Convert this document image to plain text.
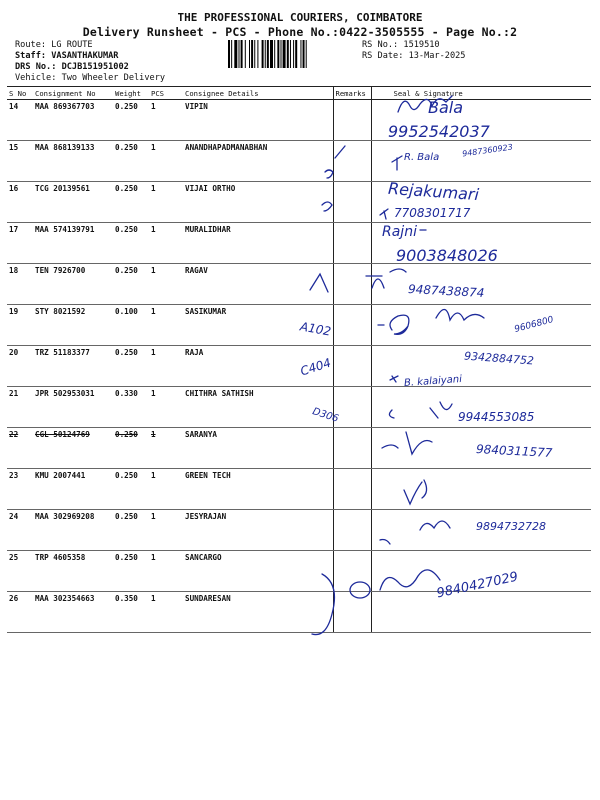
THE PROFESSIONAL COURIERS, COIMBATORE
Delivery Runsheet - PCS - Phone No.:0422-3505555 - Page No.:2
Route: LG ROUTE
Staff: VASANTHAKUMAR
DRS No.: DCJB151951002
Vehicle: Two Wheeler Delivery
RS No.: 1519510
RS Date: 13-Mar-2025
S No	Consignment No	Weight	PCS	Consignee Details	Remarks	Seal & Signature
14	MAA 869367703	0.250	1	VIPIN		
15	MAA 868139133	0.250	1	ANANDHAPADMANABHAN		
16	TCG 20139561	0.250	1	VIJAI ORTHO		
17	MAA 574139791	0.250	1	MURALIDHAR		
18	TEN 7926700	0.250	1	RAGAV		
19	STY 8021592	0.100	1	SASIKUMAR		
20	TRZ 51183377	0.250	1	RAJA		
21	JPR 502953031	0.330	1	CHITHRA SATHISH		
22	CGL 50124769	0.250	1	SARANYA		
23	KMU 2007441	0.250	1	GREEN TECH		
24	MAA 302969208	0.250	1	JESYRAJAN		
25	TRP 4605358	0.250	1	SANCARGO		
26	MAA 302354663	0.350	1	SUNDARESAN		
Bala
9952542037
R. Bala	9487360923
Rejakumari
7708301717
Rajni
9003848026
9487438874
A102	9606800
C404	9342884752
B. kalaiyani
D306	9944553085
9840311577
9894732728
9840427029
